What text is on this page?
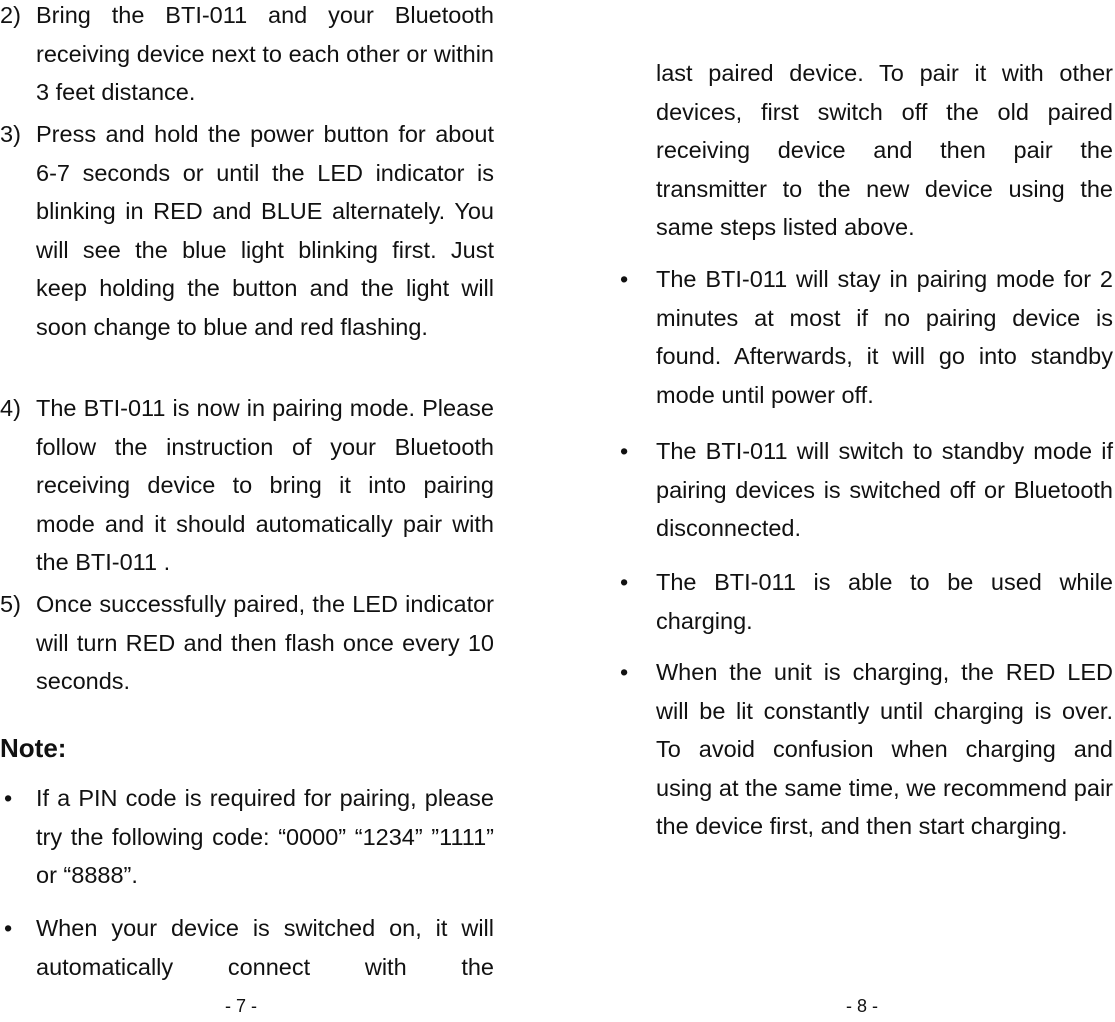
2) Bring the BTI-011 and your Bluetooth receiving device next to each other or within 3 feet distance.

3) Press and hold the power button for about 6-7 seconds or until the LED indicator is blinking in RED and BLUE alternately. You will see the blue light blinking first. Just keep holding the button and the light will soon change to blue and red flashing.

4) The BTI-011 is now in pairing mode. Please follow the instruction of your Bluetooth receiving device to bring it into pairing mode and it should automatically pair with the BTI-011 .

5) Once successfully paired, the LED indicator will turn RED and then flash once every 10 seconds.

Note:
• If a PIN code is required for pairing, please try the following code: “0000” “1234” ”1111” or “8888”.

• When your device is switched on, it will automatically connect with the

- 7 -

last paired device. To pair it with other devices, first switch off the old paired receiving device and then pair the transmitter to the new device using the same steps listed above.

• The BTI-011 will stay in pairing mode for 2 minutes at most if no pairing device is found. Afterwards, it will go into standby mode until power off.

• The BTI-011 will switch to standby mode if pairing devices is switched off or Bluetooth disconnected.

• The BTI-011 is able to be used while charging.

• When the unit is charging, the RED LED will be lit constantly until charging is over. To avoid confusion when charging and using at the same time, we recommend pair the device first, and then start charging.

- 8 -
